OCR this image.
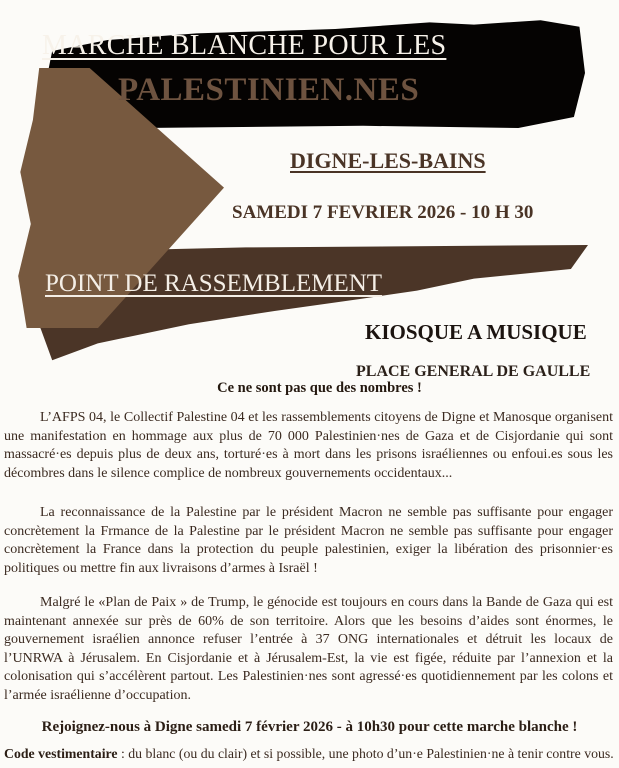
MARCHE BLANCHE POUR LES
PALESTINIEN.NES
DIGNE-LES-BAINS
SAMEDI 7 FEVRIER 2026 - 10 H 30
POINT DE RASSEMBLEMENT
KIOSQUE A MUSIQUE
PLACE GENERAL DE GAULLE
Ce ne sont pas que des nombres !
L’AFPS 04, le Collectif Palestine 04 et les rassemblements citoyens de Digne et Manosque organisent une manifestation en hommage aux plus de 70 000 Palestinien·nes de Gaza et de Cisjordanie qui sont massacré·es depuis plus de deux ans, torturé·es à mort dans les prisons israéliennes ou enfoui.es sous les décombres dans le silence complice de nombreux gouvernements occidentaux...
La reconnaissance de la Palestine par le président Macron ne semble pas suffisante pour engager concrètement la Frmance de la Palestine par le président Macron ne semble pas suffisante pour engager concrètement la France dans la protection du peuple palestinien, exiger la libération des prisonnier·es politiques ou mettre fin aux livraisons d’armes à Israël !
Malgré le «Plan de Paix » de Trump, le génocide est toujours en cours dans la Bande de Gaza qui est maintenant annexée sur près de 60% de son territoire. Alors que les besoins d’aides sont énormes, le gouvernement israélien annonce refuser l’entrée à 37 ONG internationales et détruit les locaux de l’UNRWA à Jérusalem. En Cisjordanie et à Jérusalem-Est, la vie est figée, réduite par l’annexion et la colonisation qui s’accélèrent partout. Les Palestinien·nes sont agressé·es quotidiennement par les colons et l’armée israélienne d’occupation.
Rejoignez-nous à Digne samedi 7 février 2026 - à 10h30 pour cette marche blanche !
Code vestimentaire : du blanc (ou du clair) et si possible, une photo d’un·e Palestinien·ne à tenir contre vous.
